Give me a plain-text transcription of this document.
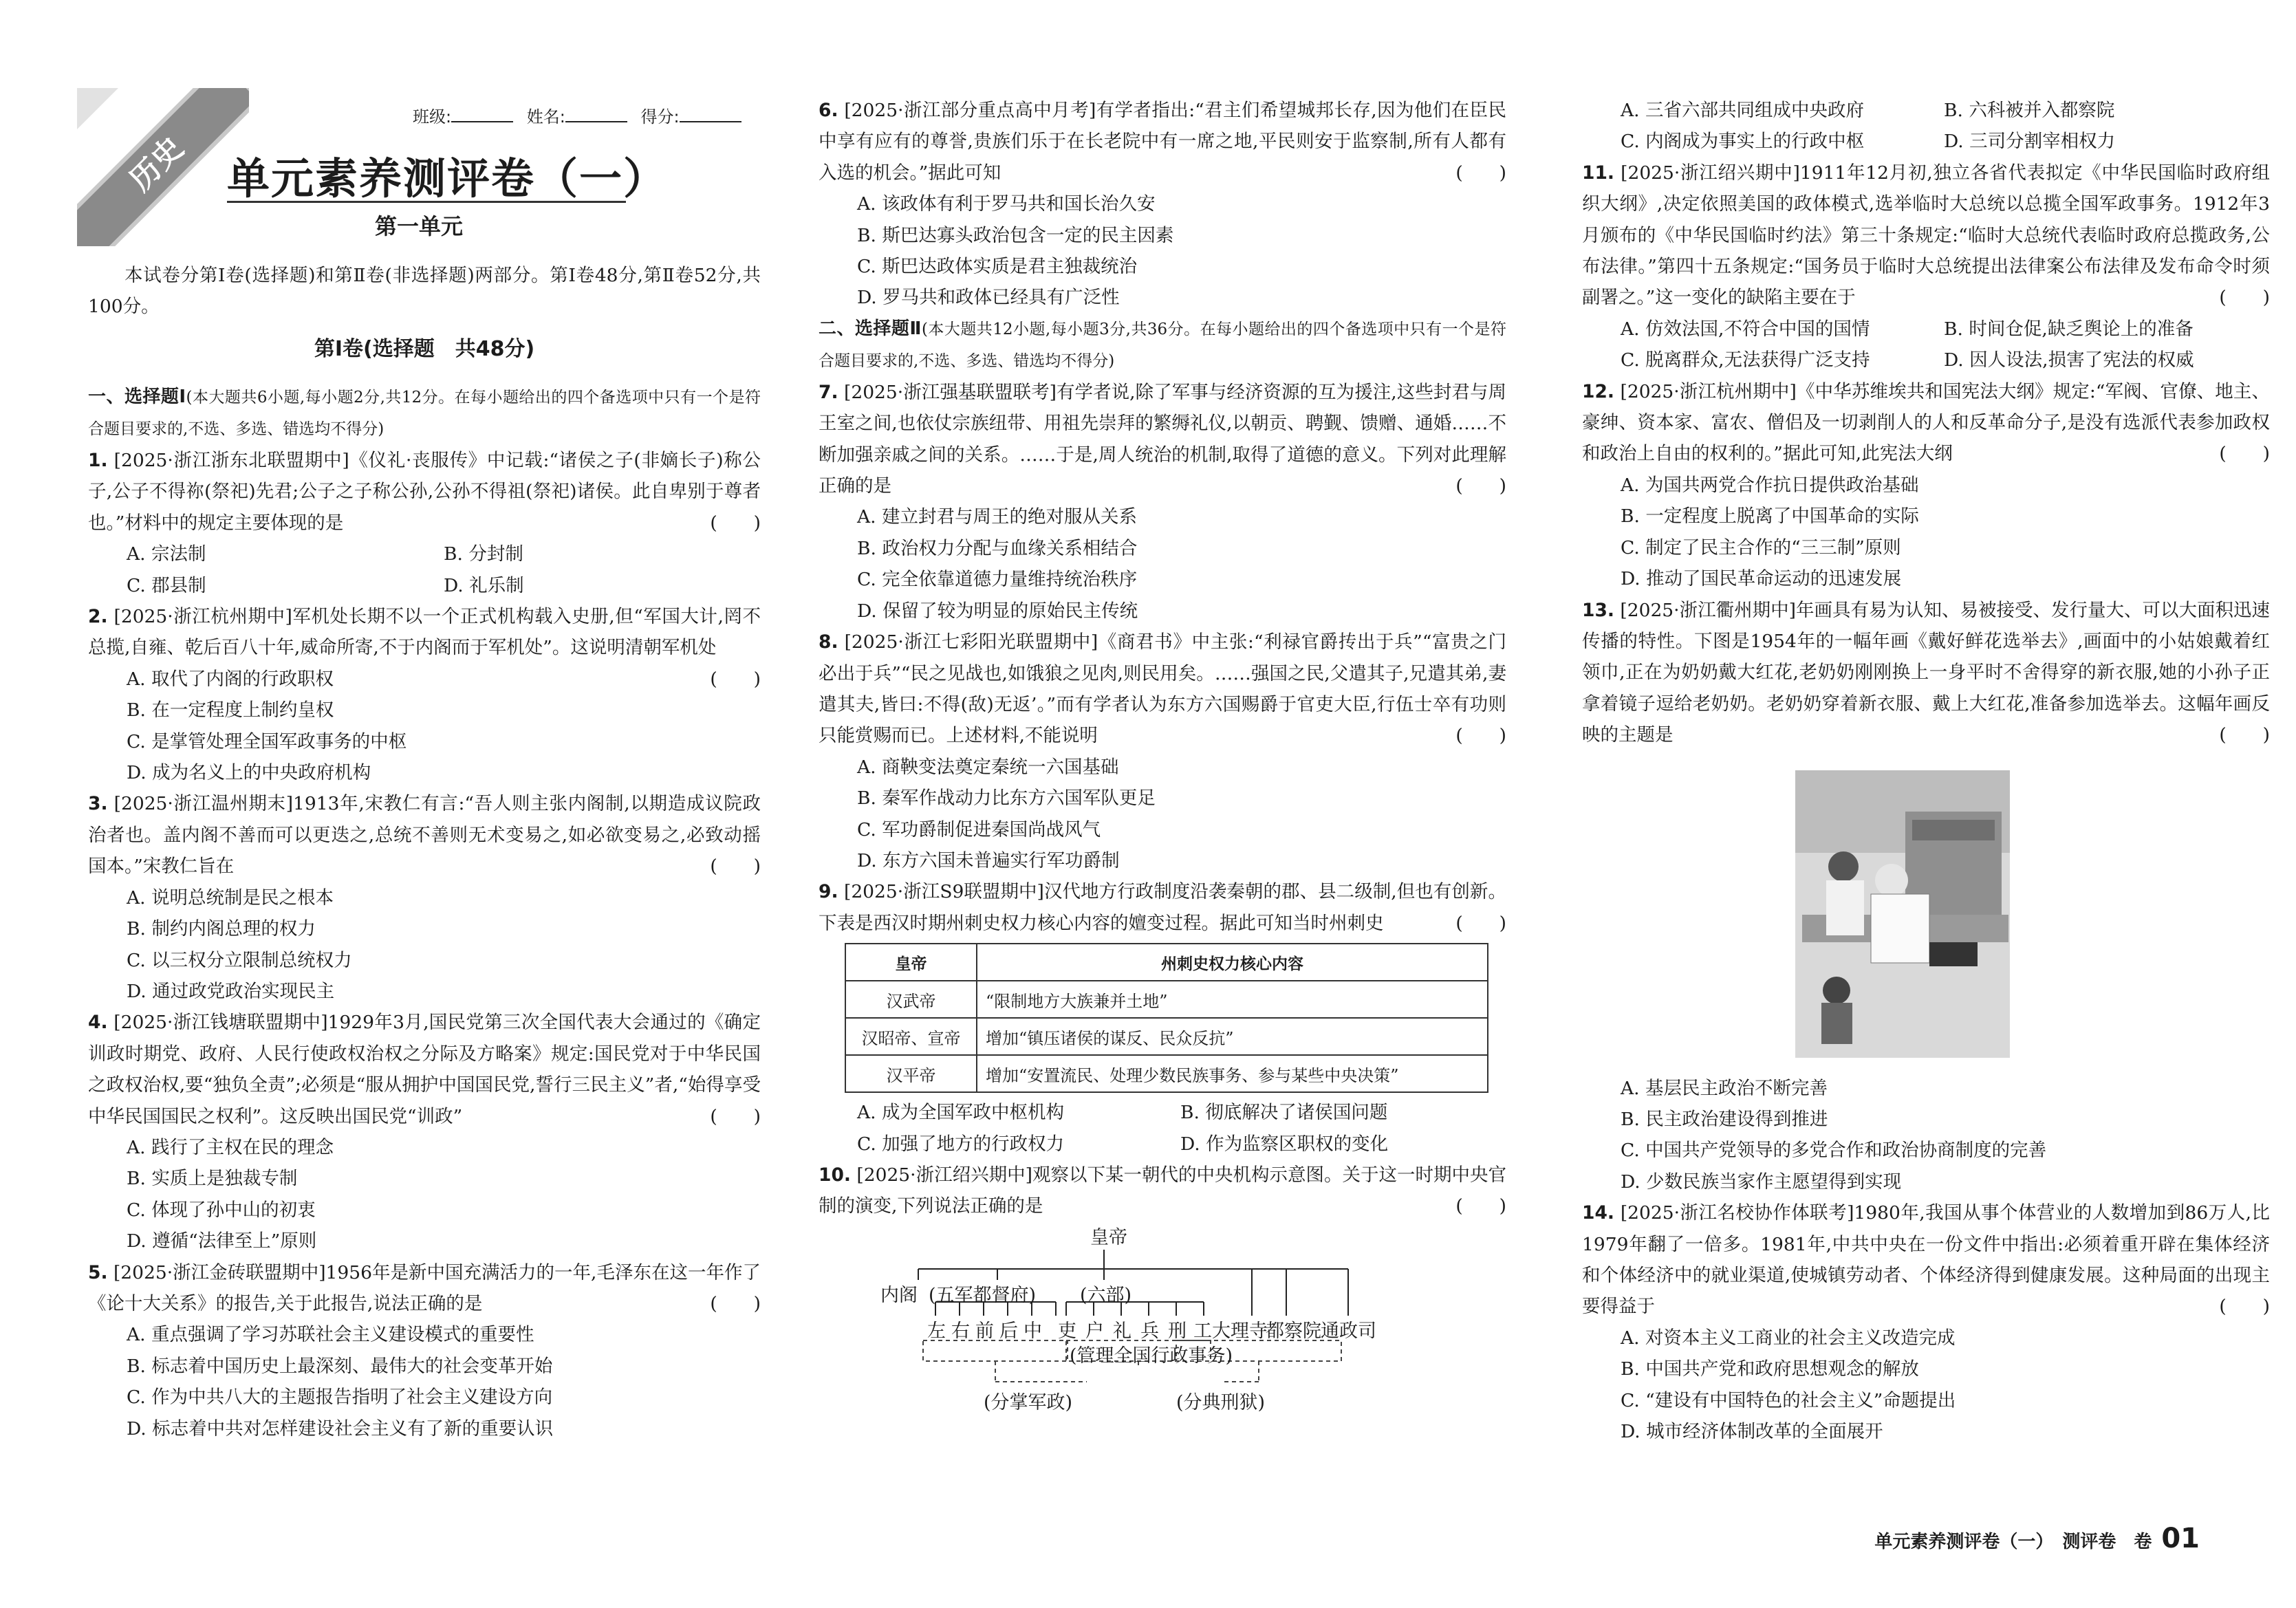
历史
班级:	姓名:	得分:
单元素养测评卷（一）
第一单元
本试卷分第Ⅰ卷(选择题)和第Ⅱ卷(非选择题)两部分。第Ⅰ卷48分,第Ⅱ卷52分,共100分。
第Ⅰ卷(选择题　共48分)
一、选择题Ⅰ(本大题共6小题,每小题2分,共12分。在每小题给出的四个备选项中只有一个是符合题目要求的,不选、多选、错选均不得分)
1. [2025·浙江浙东北联盟期中]《仪礼·丧服传》中记载:“诸侯之子(非嫡长子)称公子,公子不得祢(祭祀)先君;公子之子称公孙,公孙不得祖(祭祀)诸侯。此自卑别于尊者也。”材料中的规定主要体现的是	(　　)
A. 宗法制	B. 分封制
C. 郡县制	D. 礼乐制
2. [2025·浙江杭州期中]军机处长期不以一个正式机构载入史册,但“军国大计,罔不总揽,自雍、乾后百八十年,威命所寄,不于内阁而于军机处”。这说明清朝军机处
(　　)
A. 取代了内阁的行政职权
B. 在一定程度上制约皇权
C. 是掌管处理全国军政事务的中枢
D. 成为名义上的中央政府机构
3. [2025·浙江温州期末]1913年,宋教仁有言:“吾人则主张内阁制,以期造成议院政治者也。盖内阁不善而可以更迭之,总统不善则无术变易之,如必欲变易之,必致动摇国本。”宋教仁旨在	(　　)
A. 说明总统制是民之根本
B. 制约内阁总理的权力
C. 以三权分立限制总统权力
D. 通过政党政治实现民主
4. [2025·浙江钱塘联盟期中]1929年3月,国民党第三次全国代表大会通过的《确定训政时期党、政府、人民行使政权治权之分际及方略案》规定:国民党对于中华民国之政权治权,要“独负全责”;必须是“服从拥护中国国民党,誓行三民主义”者,“始得享受中华民国国民之权利”。这反映出国民党“训政”	(　　)
A. 践行了主权在民的理念
B. 实质上是独裁专制
C. 体现了孙中山的初衷
D. 遵循“法律至上”原则
5. [2025·浙江金砖联盟期中]1956年是新中国充满活力的一年,毛泽东在这一年作了《论十大关系》的报告,关于此报告,说法正确的是	(　　)
A. 重点强调了学习苏联社会主义建设模式的重要性
B. 标志着中国历史上最深刻、最伟大的社会变革开始
C. 作为中共八大的主题报告指明了社会主义建设方向
D. 标志着中共对怎样建设社会主义有了新的重要认识
6. [2025·浙江部分重点高中月考]有学者指出:“君主们希望城邦长存,因为他们在臣民中享有应有的尊誉,贵族们乐于在长老院中有一席之地,平民则安于监察制,所有人都有入选的机会。”据此可知	(　　)
A. 该政体有利于罗马共和国长治久安
B. 斯巴达寡头政治包含一定的民主因素
C. 斯巴达政体实质是君主独裁统治
D. 罗马共和政体已经具有广泛性
二、选择题Ⅱ(本大题共12小题,每小题3分,共36分。在每小题给出的四个备选项中只有一个是符合题目要求的,不选、多选、错选均不得分)
7. [2025·浙江强基联盟联考]有学者说,除了军事与经济资源的互为援注,这些封君与周王室之间,也依仗宗族纽带、用祖先崇拜的繁缛礼仪,以朝贡、聘觐、馈赠、通婚……不断加强亲戚之间的关系。……于是,周人统治的机制,取得了道德的意义。下列对此理解正确的是	(　　)
A. 建立封君与周王的绝对服从关系
B. 政治权力分配与血缘关系相结合
C. 完全依靠道德力量维持统治秩序
D. 保留了较为明显的原始民主传统
8. [2025·浙江七彩阳光联盟期中]《商君书》中主张:“利禄官爵抟出于兵”“富贵之门必出于兵”“民之见战也,如饿狼之见肉,则民用矣。……强国之民,父遣其子,兄遣其弟,妻遣其夫,皆曰:不得(敌)无返’。”而有学者认为东方六国赐爵于官吏大臣,行伍士卒有功则只能赏赐而已。上述材料,不能说明	(　　)
A. 商鞅变法奠定秦统一六国基础
B. 秦军作战动力比东方六国军队更足
C. 军功爵制促进秦国尚战风气
D. 东方六国未普遍实行军功爵制
9. [2025·浙江S9联盟期中]汉代地方行政制度沿袭秦朝的郡、县二级制,但也有创新。下表是西汉时期州刺史权力核心内容的嬗变过程。据此可知当时州刺史	(　　)
皇帝	州刺史权力核心内容
汉武帝	“限制地方大族兼并土地”
汉昭帝、宣帝	增加“镇压诸侯的谋反、民众反抗”
汉平帝	增加“安置流民、处理少数民族事务、参与某些中央决策”
A. 成为全国军政中枢机构	B. 彻底解决了诸侯国问题
C. 加强了地方的行政权力	D. 作为监察区职权的变化
10. [2025·浙江绍兴期中]观察以下某一朝代的中央机构示意图。关于这一时期中央官制的演变,下列说法正确的是	(　　)
皇帝
内阁 (五军都督府) (六部)
左 右 前 后 中 吏 户 礼 兵 刑 工 大理寺
都察院 通政司
(管理全国行政事务)
(分掌军政)	(分典刑狱)
A. 三省六部共同组成中央政府	B. 六科被并入都察院
C. 内阁成为事实上的行政中枢	D. 三司分割宰相权力
11. [2025·浙江绍兴期中]1911年12月初,独立各省代表拟定《中华民国临时政府组织大纲》,决定依照美国的政体模式,选举临时大总统以总揽全国军政事务。1912年3月颁布的《中华民国临时约法》第三十条规定:“临时大总统代表临时政府总揽政务,公布法律。”第四十五条规定:“国务员于临时大总统提出法律案公布法律及发布命令时须副署之。”这一变化的缺陷主要在于	(　　)
A. 仿效法国,不符合中国的国情	B. 时间仓促,缺乏舆论上的准备
C. 脱离群众,无法获得广泛支持	D. 因人设法,损害了宪法的权威
12. [2025·浙江杭州期中]《中华苏维埃共和国宪法大纲》规定:“军阀、官僚、地主、豪绅、资本家、富农、僧侣及一切剥削人的人和反革命分子,是没有选派代表参加政权和政治上自由的权利的。”据此可知,此宪法大纲	(　　)
A. 为国共两党合作抗日提供政治基础
B. 一定程度上脱离了中国革命的实际
C. 制定了民主合作的“三三制”原则
D. 推动了国民革命运动的迅速发展
13. [2025·浙江衢州期中]年画具有易为认知、易被接受、发行量大、可以大面积迅速传播的特性。下图是1954年的一幅年画《戴好鲜花选举去》,画面中的小姑娘戴着红领巾,正在为奶奶戴大红花,老奶奶刚刚换上一身平时不舍得穿的新衣服,她的小孙子正拿着镜子逗给老奶奶。老奶奶穿着新衣服、戴上大红花,准备参加选举去。这幅年画反映的主题是	(　　)
A. 基层民主政治不断完善
B. 民主政治建设得到推进
C. 中国共产党领导的多党合作和政治协商制度的完善
D. 少数民族当家作主愿望得到实现
14. [2025·浙江名校协作体联考]1980年,我国从事个体营业的人数增加到86万人,比1979年翻了一倍多。1981年,中共中央在一份文件中指出:必须着重开辟在集体经济和个体经济中的就业渠道,使城镇劳动者、个体经济得到健康发展。这种局面的出现主要得益于	(　　)
A. 对资本主义工商业的社会主义改造完成
B. 中国共产党和政府思想观念的解放
C. “建设有中国特色的社会主义”命题提出
D. 城市经济体制改革的全面展开
单元素养测评卷（一）　测评卷　卷 01
